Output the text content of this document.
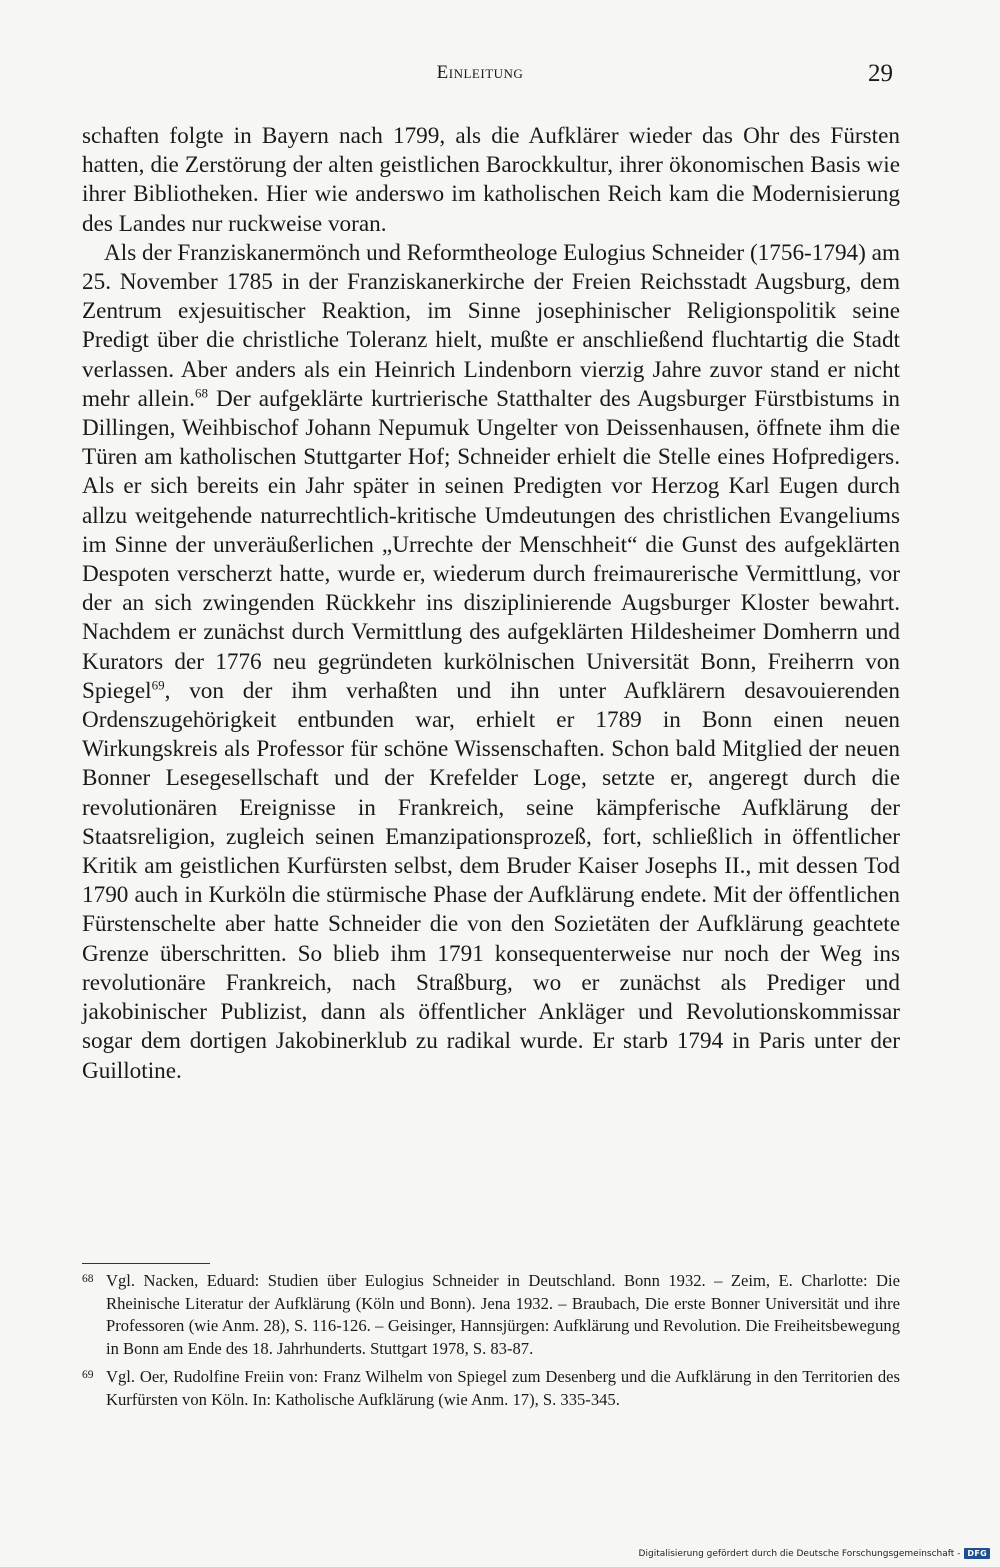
Einleitung	29

schaften folgte in Bayern nach 1799, als die Aufklärer wieder das Ohr des Fürsten hatten, die Zerstörung der alten geistlichen Barockkultur, ihrer ökonomischen Basis wie ihrer Bibliotheken. Hier wie anderswo im katholischen Reich kam die Modernisierung des Landes nur ruckweise voran.

Als der Franziskanermönch und Reformtheologe Eulogius Schneider (1756-1794) am 25. November 1785 in der Franziskanerkirche der Freien Reichsstadt Augsburg, dem Zentrum exjesuitischer Reaktion, im Sinne josephinischer Religionspolitik seine Predigt über die christliche Toleranz hielt, mußte er anschließend fluchtartig die Stadt verlassen. Aber anders als ein Heinrich Lindenborn vierzig Jahre zuvor stand er nicht mehr allein.$^{68}$ Der aufgeklärte kurtrierische Statthalter des Augsburger Fürstbistums in Dillingen, Weihbischof Johann Nepumuk Ungelter von Deissenhausen, öffnete ihm die Türen am katholischen Stuttgarter Hof; Schneider erhielt die Stelle eines Hofpredigers. Als er sich bereits ein Jahr später in seinen Predigten vor Herzog Karl Eugen durch allzu weitgehende naturrechtlich-kritische Umdeutungen des christlichen Evangeliums im Sinne der unveräußerlichen „Urrechte der Menschheit“ die Gunst des aufgeklärten Despoten verscherzt hatte, wurde er, wiederum durch freimaurerische Vermittlung, vor der an sich zwingenden Rückkehr ins disziplinierende Augsburger Kloster bewahrt. Nachdem er zunächst durch Vermittlung des aufgeklärten Hildesheimer Domherrn und Kurators der 1776 neu gegründeten kurkölnischen Universität Bonn, Freiherrn von Spiegel$^{69}$, von der ihm verhaßten und ihn unter Aufklärern desavouierenden Ordenszugehörigkeit entbunden war, erhielt er 1789 in Bonn einen neuen Wirkungskreis als Professor für schöne Wissenschaften. Schon bald Mitglied der neuen Bonner Lesegesellschaft und der Krefelder Loge, setzte er, angeregt durch die revolutionären Ereignisse in Frankreich, seine kämpferische Aufklärung der Staatsreligion, zugleich seinen Emanzipationsprozeß, fort, schließlich in öffentlicher Kritik am geistlichen Kurfürsten selbst, dem Bruder Kaiser Josephs II., mit dessen Tod 1790 auch in Kurköln die stürmische Phase der Aufklärung endete. Mit der öffentlichen Fürstenschelte aber hatte Schneider die von den Sozietäten der Aufklärung geachtete Grenze überschritten. So blieb ihm 1791 konsequenterweise nur noch der Weg ins revolutionäre Frankreich, nach Straßburg, wo er zunächst als Prediger und jakobinischer Publizist, dann als öffentlicher Ankläger und Revolutionskommissar sogar dem dortigen Jakobinerklub zu radikal wurde. Er starb 1794 in Paris unter der Guillotine.

68 Vgl. Nacken, Eduard: Studien über Eulogius Schneider in Deutschland. Bonn 1932. – Zeim, E. Charlotte: Die Rheinische Literatur der Aufklärung (Köln und Bonn). Jena 1932. – Braubach, Die erste Bonner Universität und ihre Professoren (wie Anm. 28), S. 116-126. – Geisinger, Hannsjürgen: Aufklärung und Revolution. Die Freiheitsbewegung in Bonn am Ende des 18. Jahrhunderts. Stuttgart 1978, S. 83-87.
69 Vgl. Oer, Rudolfine Freiin von: Franz Wilhelm von Spiegel zum Desenberg und die Aufklärung in den Territorien des Kurfürsten von Köln. In: Katholische Aufklärung (wie Anm. 17), S. 335-345.
Digitalisierung gefördert durch die Deutsche Forschungsgemeinschaft - DFG
